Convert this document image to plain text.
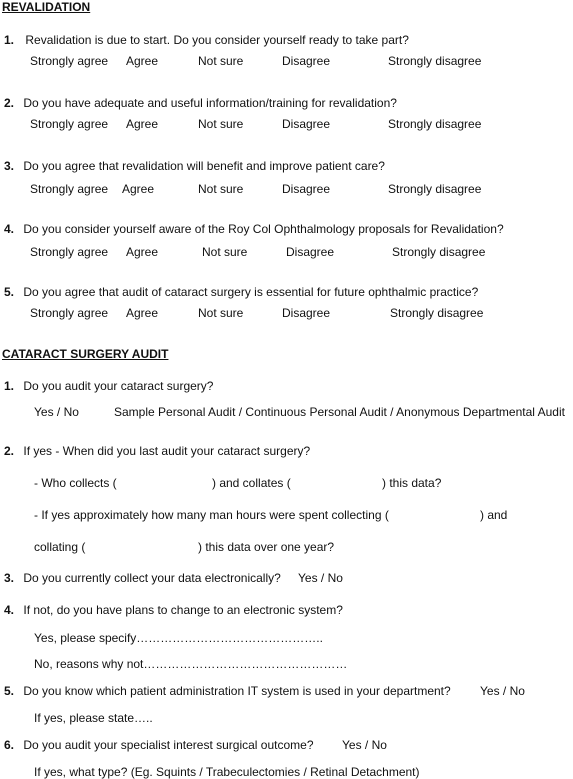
REVALIDATION
1. Revalidation is due to start. Do you consider yourself ready to take part?
Strongly agree Agree	Not sure	Disagree	Strongly disagree
2. Do you have adequate and useful information/training for revalidation?
Strongly agree Agree	Not sure	Disagree	Strongly disagree
3. Do you agree that revalidation will benefit and improve patient care?
Strongly agree Agree	Not sure	Disagree	Strongly disagree
4. Do you consider yourself aware of the Roy Col Ophthalmology proposals for Revalidation?
Strongly agree Agree	Not sure	Disagree	Strongly disagree
5. Do you agree that audit of cataract surgery is essential for future ophthalmic practice?
Strongly agree Agree	Not sure	Disagree	Strongly disagree
CATARACT SURGERY AUDIT
1. Do you audit your cataract surgery?
Yes / No	Sample Personal Audit / Continuous Personal Audit / Anonymous Departmental Audit
2. If yes - When did you last audit your cataract surgery?
- Who collects (	) and collates (	) this data?
- If yes approximately how many man hours were spent collecting (	) and
collating (	) this data over one year?
3. Do you currently collect your data electronically? Yes / No
4. If not, do you have plans to change to an electronic system?
Yes, please specify………………………………………..
No, reasons why not……………………………………………
5. Do you know which patient administration IT system is used in your department? Yes / No
If yes, please state…..
6. Do you audit your specialist interest surgical outcome? Yes / No
If yes, what type? (Eg. Squints / Trabeculectomies / Retinal Detachment)
